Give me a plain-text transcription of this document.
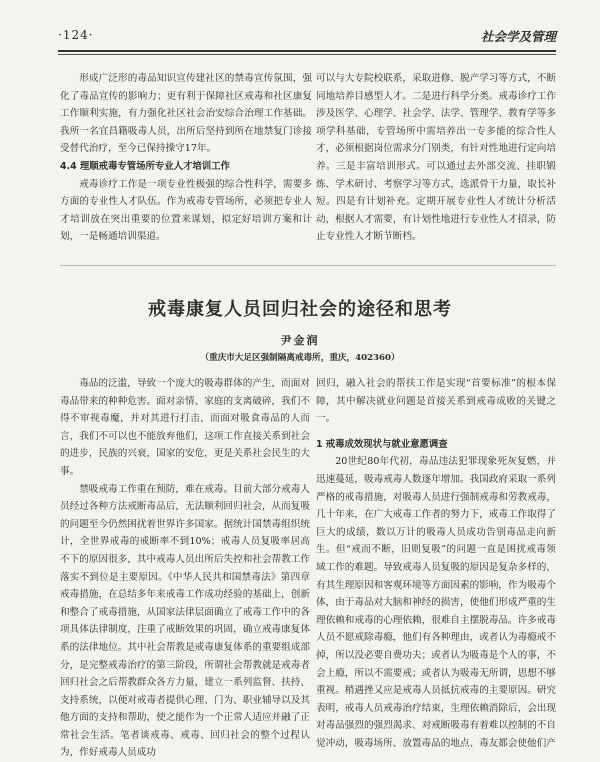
·124·	社会学及管理

形成广泛形的毒品知识宣传建社区的禁毒宣传氛围，强化了毒品宣传的影响力；更有利于保障社区戒毒和社区康复工作顺利实施，有力强化社区社会治安综合治理工作基础。我所一名宜昌籍吸毒人员，出所后坚持到所在地禁复门诊接受替代治疗，至今已保持操守17年。

4.4 理顺戒毒专管场所专业人才培训工作

戒毒诊疗工作是一项专业性极强的综合性科学，需要多方面的专业性人才队伍。作为戒毒专管场所，必须把专业人才培训放在突出重要的位置来谋划，拟定好培训方案和计划，一是畅通培训渠道。

可以与大专院校联系，采取进修、脱产学习等方式，不断同地培养目感型人才。二是进行科学分类。戒毒诊疗工作涉及医学、心理学、社会学、法学、管理学、教育学等多项学科基础，专管场所中需培养出一专多能的综合性人才，必须根据岗位需求分门别类，有针对性地进行定向培养。三是丰富培训形式。可以通过去外部交流、挂职锻炼、学术研讨、考察学习等方式，选派骨干力量，取长补短。四是有计划补充。定期开展专业性人才统计分析活动，根据人才需要，有计划性地进行专业性人才招录，防止专业性人才断节断档。

戒毒康复人员回归社会的途径和思考
尹金润
（重庆市大足区强制隔离戒毒所，重庆，402360）

毒品的泛滥，导致一个庞大的吸毒群体的产生，而面对毒品带来的种种危害。面对亲情、家庭的支离破碎，我们不得不审视毒魔，并对其进行打击，而面对吸食毒品的人而言，我们不可以也不能放弃他们，这项工作直接关系到社会的进步，民族的兴衰，国家的安危，更是关系社会民生的大事。

禁吸戒毒工作重在预防，难在戒毒。目前大部分戒毒人员经过各种方法戒断毒品后，无法顺利回归社会，从而复吸的问题至今仍然困扰着世界许多国家。据统计国禁毒组织统计，全世界戒毒的戒断率不到10%；戒毒人员复吸率居高不下的原因很多，其中戒毒人员出所后失控和社会帮教工作落实不到位是主要原因。《中华人民共和国禁毒法》第四章戒毒措施，在总结多年来戒毒工作成功经验的基础上，创新和整合了戒毒措施，从国家法律层面确立了戒毒工作中的各项具体法律制度，注重了戒断效果的巩固，确立戒毒康复体系的法律地位。其中社会帮教是戒毒康复体系的重要组成部分，是完整戒毒治疗的第三阶段，所谓社会帮教就是戒毒者回归社会之后帮教群众各方力量，建立一系列监督、扶持、支持系统，以便对戒毒者提供心理、门为、职业辅导以及其他方面的支持和帮助，使之能作为一个正常人适应并融了正常社会生活。笔者谈戒毒、戒毒、回归社会的整个过程认为，作好戒毒人员成功

回归，融入社会的帮扶工作是实现“首要标准”的根本保障，其中解决就业问题是首接关系到戒毒成败的关键之一。

1 戒毒成效现状与就业意愿调查

20世纪80年代初，毒品违法犯罪现象死灰复燃，并迅速蔓延，吸毒戒毒人数逐年增加。我国政府采取一系列严格的戒毒措施，对吸毒人员进行强制戒毒和劳教戒毒，几十年来，在广大戒毒工作者的努力下，戒毒工作取得了巨大的成绩，数以万计的吸毒人员成功告别毒品走向新生。但“戒而不断，旧则复吸”的问题一直是困扰戒毒领域工作的难题。导致戒毒人员复吸的原因是复杂多样的，有其生理原因和客观环境等方面因素的影响，作为吸毒个体，由于毒品对大脑和神经的损害，使他们形成严重的生理依赖和戒毒的心理依赖，很难自主摆脱毒品。许多戒毒人员不愿戒除毒瘾，他们有各种理由，或者认为毒瘾戒不掉，所以没必要自费功夫；或者认为吸毒是个人的事，不会上瘾，所以不需要戒；或者认为吸毒无所谓，思想不够重视。稍遇挫又应是戒毒人员抵抗戒毒的主要原因。研究表明，戒毒人员戒毒治疗结束，生理依赖消除后，会出现对毒品强烈的强烈渴求、对戒断吸毒有着难以控制的不自觉冲动，吸毒场所、放置毒品的地点、毒友都会使他们产
